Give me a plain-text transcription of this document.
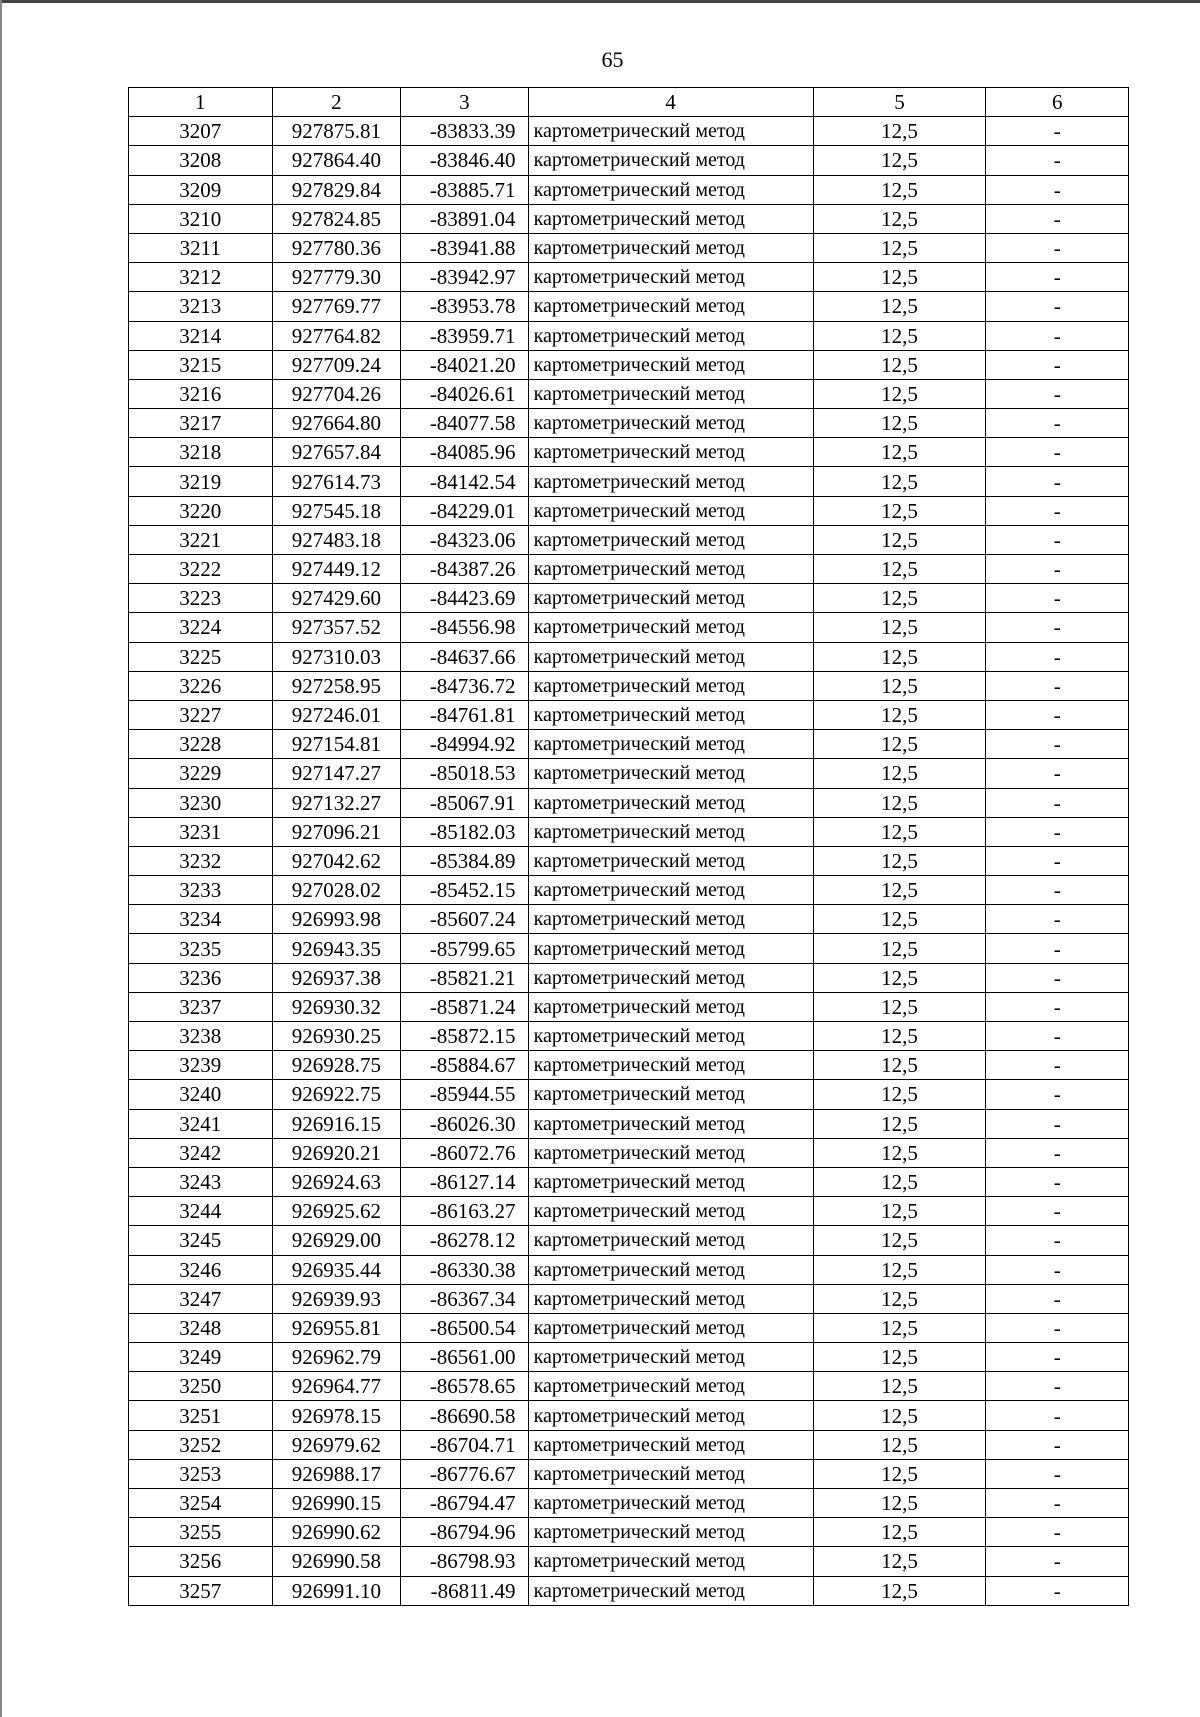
65
1	2	3	4	5	6
3207	927875.81	-83833.39	картометрический метод	12,5	-
3208	927864.40	-83846.40	картометрический метод	12,5	-
3209	927829.84	-83885.71	картометрический метод	12,5	-
3210	927824.85	-83891.04	картометрический метод	12,5	-
3211	927780.36	-83941.88	картометрический метод	12,5	-
3212	927779.30	-83942.97	картометрический метод	12,5	-
3213	927769.77	-83953.78	картометрический метод	12,5	-
3214	927764.82	-83959.71	картометрический метод	12,5	-
3215	927709.24	-84021.20	картометрический метод	12,5	-
3216	927704.26	-84026.61	картометрический метод	12,5	-
3217	927664.80	-84077.58	картометрический метод	12,5	-
3218	927657.84	-84085.96	картометрический метод	12,5	-
3219	927614.73	-84142.54	картометрический метод	12,5	-
3220	927545.18	-84229.01	картометрический метод	12,5	-
3221	927483.18	-84323.06	картометрический метод	12,5	-
3222	927449.12	-84387.26	картометрический метод	12,5	-
3223	927429.60	-84423.69	картометрический метод	12,5	-
3224	927357.52	-84556.98	картометрический метод	12,5	-
3225	927310.03	-84637.66	картометрический метод	12,5	-
3226	927258.95	-84736.72	картометрический метод	12,5	-
3227	927246.01	-84761.81	картометрический метод	12,5	-
3228	927154.81	-84994.92	картометрический метод	12,5	-
3229	927147.27	-85018.53	картометрический метод	12,5	-
3230	927132.27	-85067.91	картометрический метод	12,5	-
3231	927096.21	-85182.03	картометрический метод	12,5	-
3232	927042.62	-85384.89	картометрический метод	12,5	-
3233	927028.02	-85452.15	картометрический метод	12,5	-
3234	926993.98	-85607.24	картометрический метод	12,5	-
3235	926943.35	-85799.65	картометрический метод	12,5	-
3236	926937.38	-85821.21	картометрический метод	12,5	-
3237	926930.32	-85871.24	картометрический метод	12,5	-
3238	926930.25	-85872.15	картометрический метод	12,5	-
3239	926928.75	-85884.67	картометрический метод	12,5	-
3240	926922.75	-85944.55	картометрический метод	12,5	-
3241	926916.15	-86026.30	картометрический метод	12,5	-
3242	926920.21	-86072.76	картометрический метод	12,5	-
3243	926924.63	-86127.14	картометрический метод	12,5	-
3244	926925.62	-86163.27	картометрический метод	12,5	-
3245	926929.00	-86278.12	картометрический метод	12,5	-
3246	926935.44	-86330.38	картометрический метод	12,5	-
3247	926939.93	-86367.34	картометрический метод	12,5	-
3248	926955.81	-86500.54	картометрический метод	12,5	-
3249	926962.79	-86561.00	картометрический метод	12,5	-
3250	926964.77	-86578.65	картометрический метод	12,5	-
3251	926978.15	-86690.58	картометрический метод	12,5	-
3252	926979.62	-86704.71	картометрический метод	12,5	-
3253	926988.17	-86776.67	картометрический метод	12,5	-
3254	926990.15	-86794.47	картометрический метод	12,5	-
3255	926990.62	-86794.96	картометрический метод	12,5	-
3256	926990.58	-86798.93	картометрический метод	12,5	-
3257	926991.10	-86811.49	картометрический метод	12,5	-
